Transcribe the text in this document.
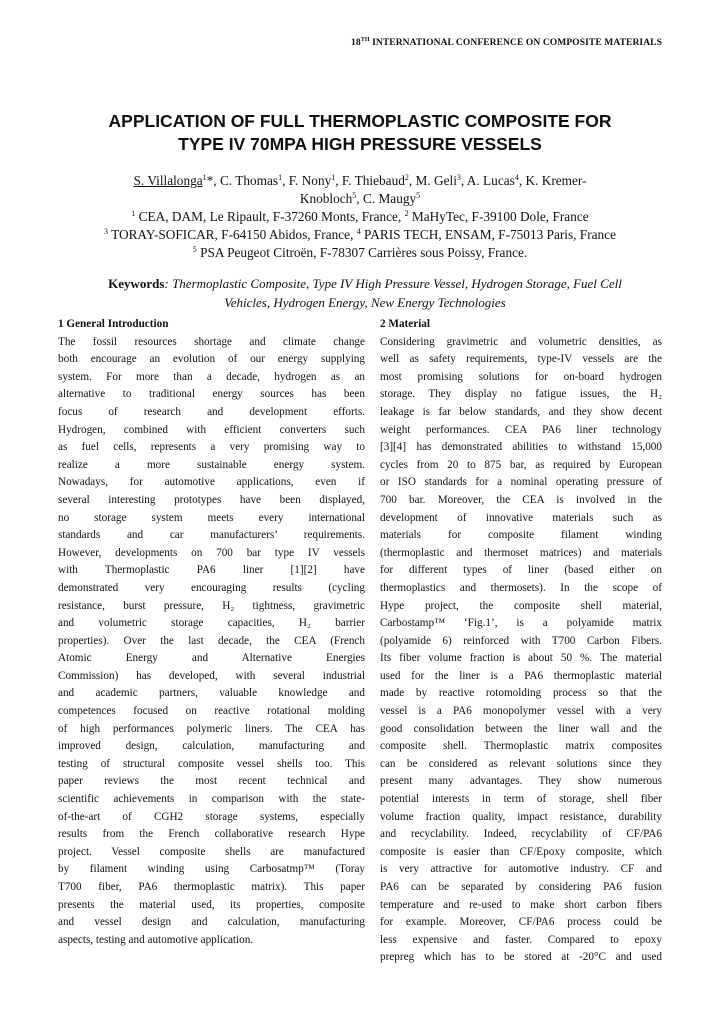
18TH INTERNATIONAL CONFERENCE ON COMPOSITE MATERIALS
APPLICATION OF FULL THERMOPLASTIC COMPOSITE FOR
TYPE IV 70MPA HIGH PRESSURE VESSELS
S. Villalonga$^1$*, C. Thomas$^1$, F. Nony$^1$, F. Thiebaud$^2$, M. Geli$^3$, A. Lucas$^4$, K. Kremer-
Knobloch$^5$, C. Maugy$^5$
$^1$ CEA, DAM, Le Ripault, F-37260 Monts, France, $^2$ MaHyTec, F-39100 Dole, France
$^3$ TORAY-SOFICAR, F-64150 Abidos, France, $^4$ PARIS TECH, ENSAM, F-75013 Paris, France
$^5$ PSA Peugeot Citroën, F-78307 Carrières sous Poissy, France.
Keywords: Thermoplastic Composite, Type IV High Pressure Vessel, Hydrogen Storage, Fuel Cell
Vehicles, Hydrogen Energy, New Energy Technologies
1 General Introduction

The fossil resources shortage and climate change
both encourage an evolution of our energy supplying
system. For more than a decade, hydrogen as an
alternative to traditional energy sources has been
focus of research and development efforts.
Hydrogen, combined with efficient converters such
as fuel cells, represents a very promising way to
realize a more sustainable energy system.
Nowadays, for automotive applications, even if
several interesting prototypes have been displayed,
no storage system meets every international
standards and car manufacturers’ requirements.
However, developments on 700 bar type IV vessels
with Thermoplastic PA6 liner [1][2] have
demonstrated very encouraging results (cycling
resistance, burst pressure, H₂ tightness, gravimetric
and volumetric storage capacities, H₂ barrier
properties). Over the last decade, the CEA (French
Atomic Energy and Alternative Energies
Commission) has developed, with several industrial
and academic partners, valuable knowledge and
competences focused on reactive rotational molding
of high performances polymeric liners. The CEA has
improved design, calculation, manufacturing and
testing of structural composite vessel shells too. This
paper reviews the most recent technical and
scientific achievements in comparison with the state-
of-the-art of CGH2 storage systems, especially
results from the French collaborative research Hype
project. Vessel composite shells are manufactured
by filament winding using Carbosatmp™ (Toray
T700 fiber, PA6 thermoplastic matrix). This paper
presents the material used, its properties, composite
and vessel design and calculation, manufacturing
aspects, testing and automotive application.

2 Material

Considering gravimetric and volumetric densities, as
well as safety requirements, type-IV vessels are the
most promising solutions for on-board hydrogen
storage. They display no fatigue issues, the H₂
leakage is far below standards, and they show decent
weight performances. CEA PA6 liner technology
[3][4] has demonstrated abilities to withstand 15,000
cycles from 20 to 875 bar, as required by European
or ISO standards for a nominal operating pressure of
700 bar. Moreover, the CEA is involved in the
development of innovative materials such as
materials for composite filament winding
(thermoplastic and thermoset matrices) and materials
for different types of liner (based either on
thermoplastics and thermosets). In the scope of
Hype project, the composite shell material,
Carbostamp™ ‘Fig.1’, is a polyamide matrix
(polyamide 6) reinforced with T700 Carbon Fibers.
Its fiber volume fraction is about 50 %. The material
used for the liner is a PA6 thermoplastic material
made by reactive rotomolding process so that the
vessel is a PA6 monopolymer vessel with a very
good consolidation between the liner wall and the
composite shell. Thermoplastic matrix composites
can be considered as relevant solutions since they
present many advantages. They show numerous
potential interests in term of storage, shell fiber
volume fraction quality, impact resistance, durability
and recyclability. Indeed, recyclability of CF/PA6
composite is easier than CF/Epoxy composite, which
is very attractive for automotive industry. CF and
PA6 can be separated by considering PA6 fusion
temperature and re-used to make short carbon fibers
for example. Moreover, CF/PA6 process could be
less expensive and faster. Compared to epoxy
prepreg which has to be stored at -20°C and used
